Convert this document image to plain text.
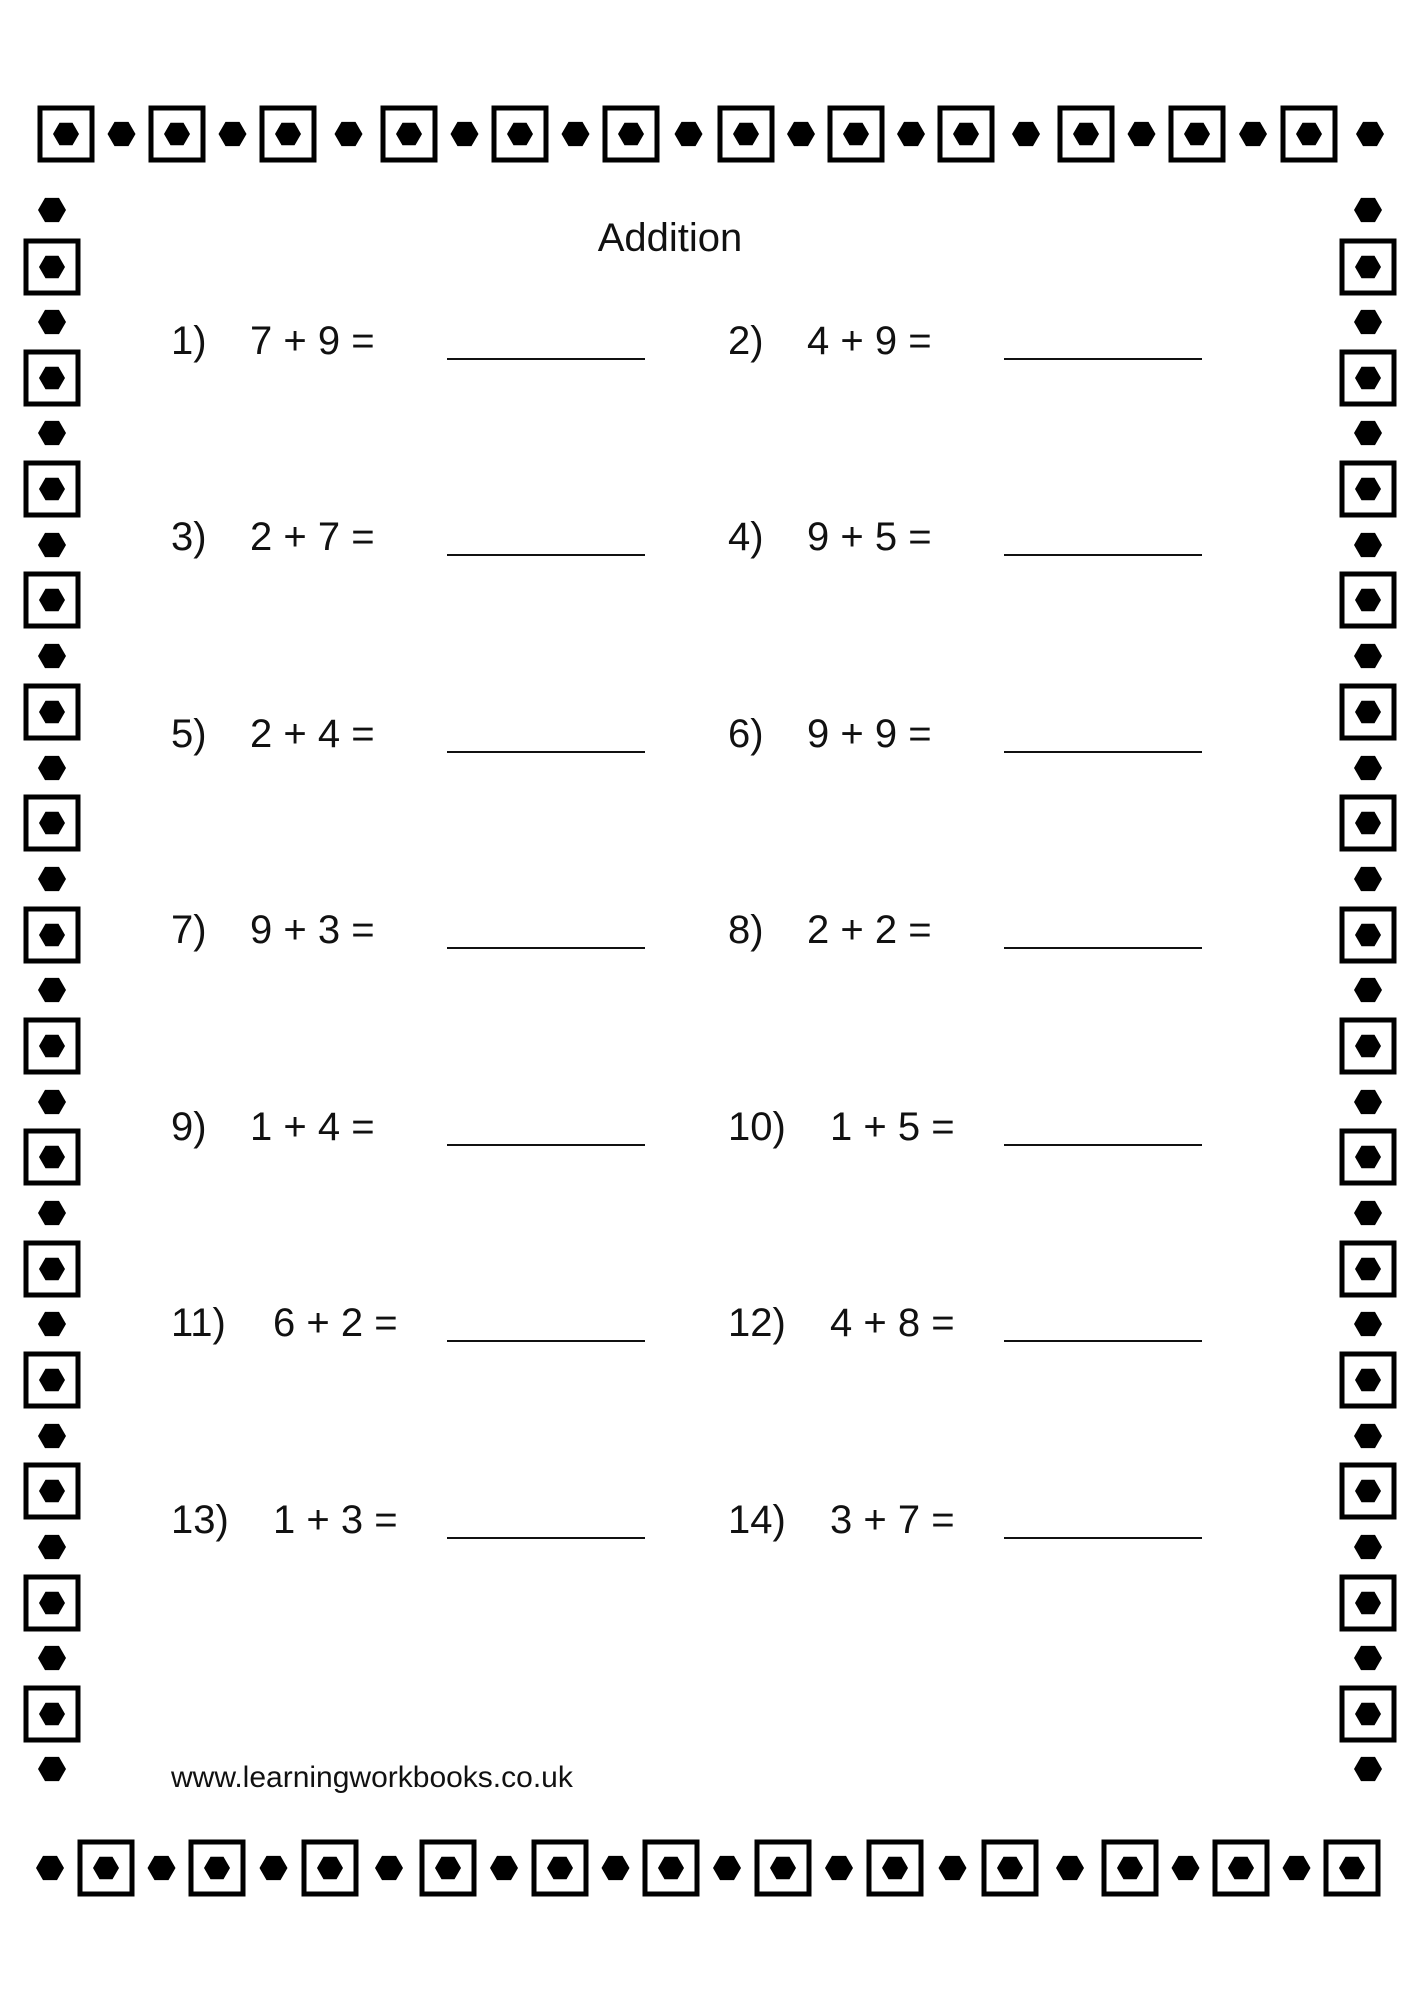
Addition
1) 7 + 9 =	2) 4 + 9 =
3) 2 + 7 =	4) 9 + 5 =
5) 2 + 4 =	6) 9 + 9 =
7) 9 + 3 =	8) 2 + 2 =
9) 1 + 4 =	10) 1 + 5 =
11) 6 + 2 =	12) 4 + 8 =
13) 1 + 3 =	14) 3 + 7 =
www.learningworkbooks.co.uk
